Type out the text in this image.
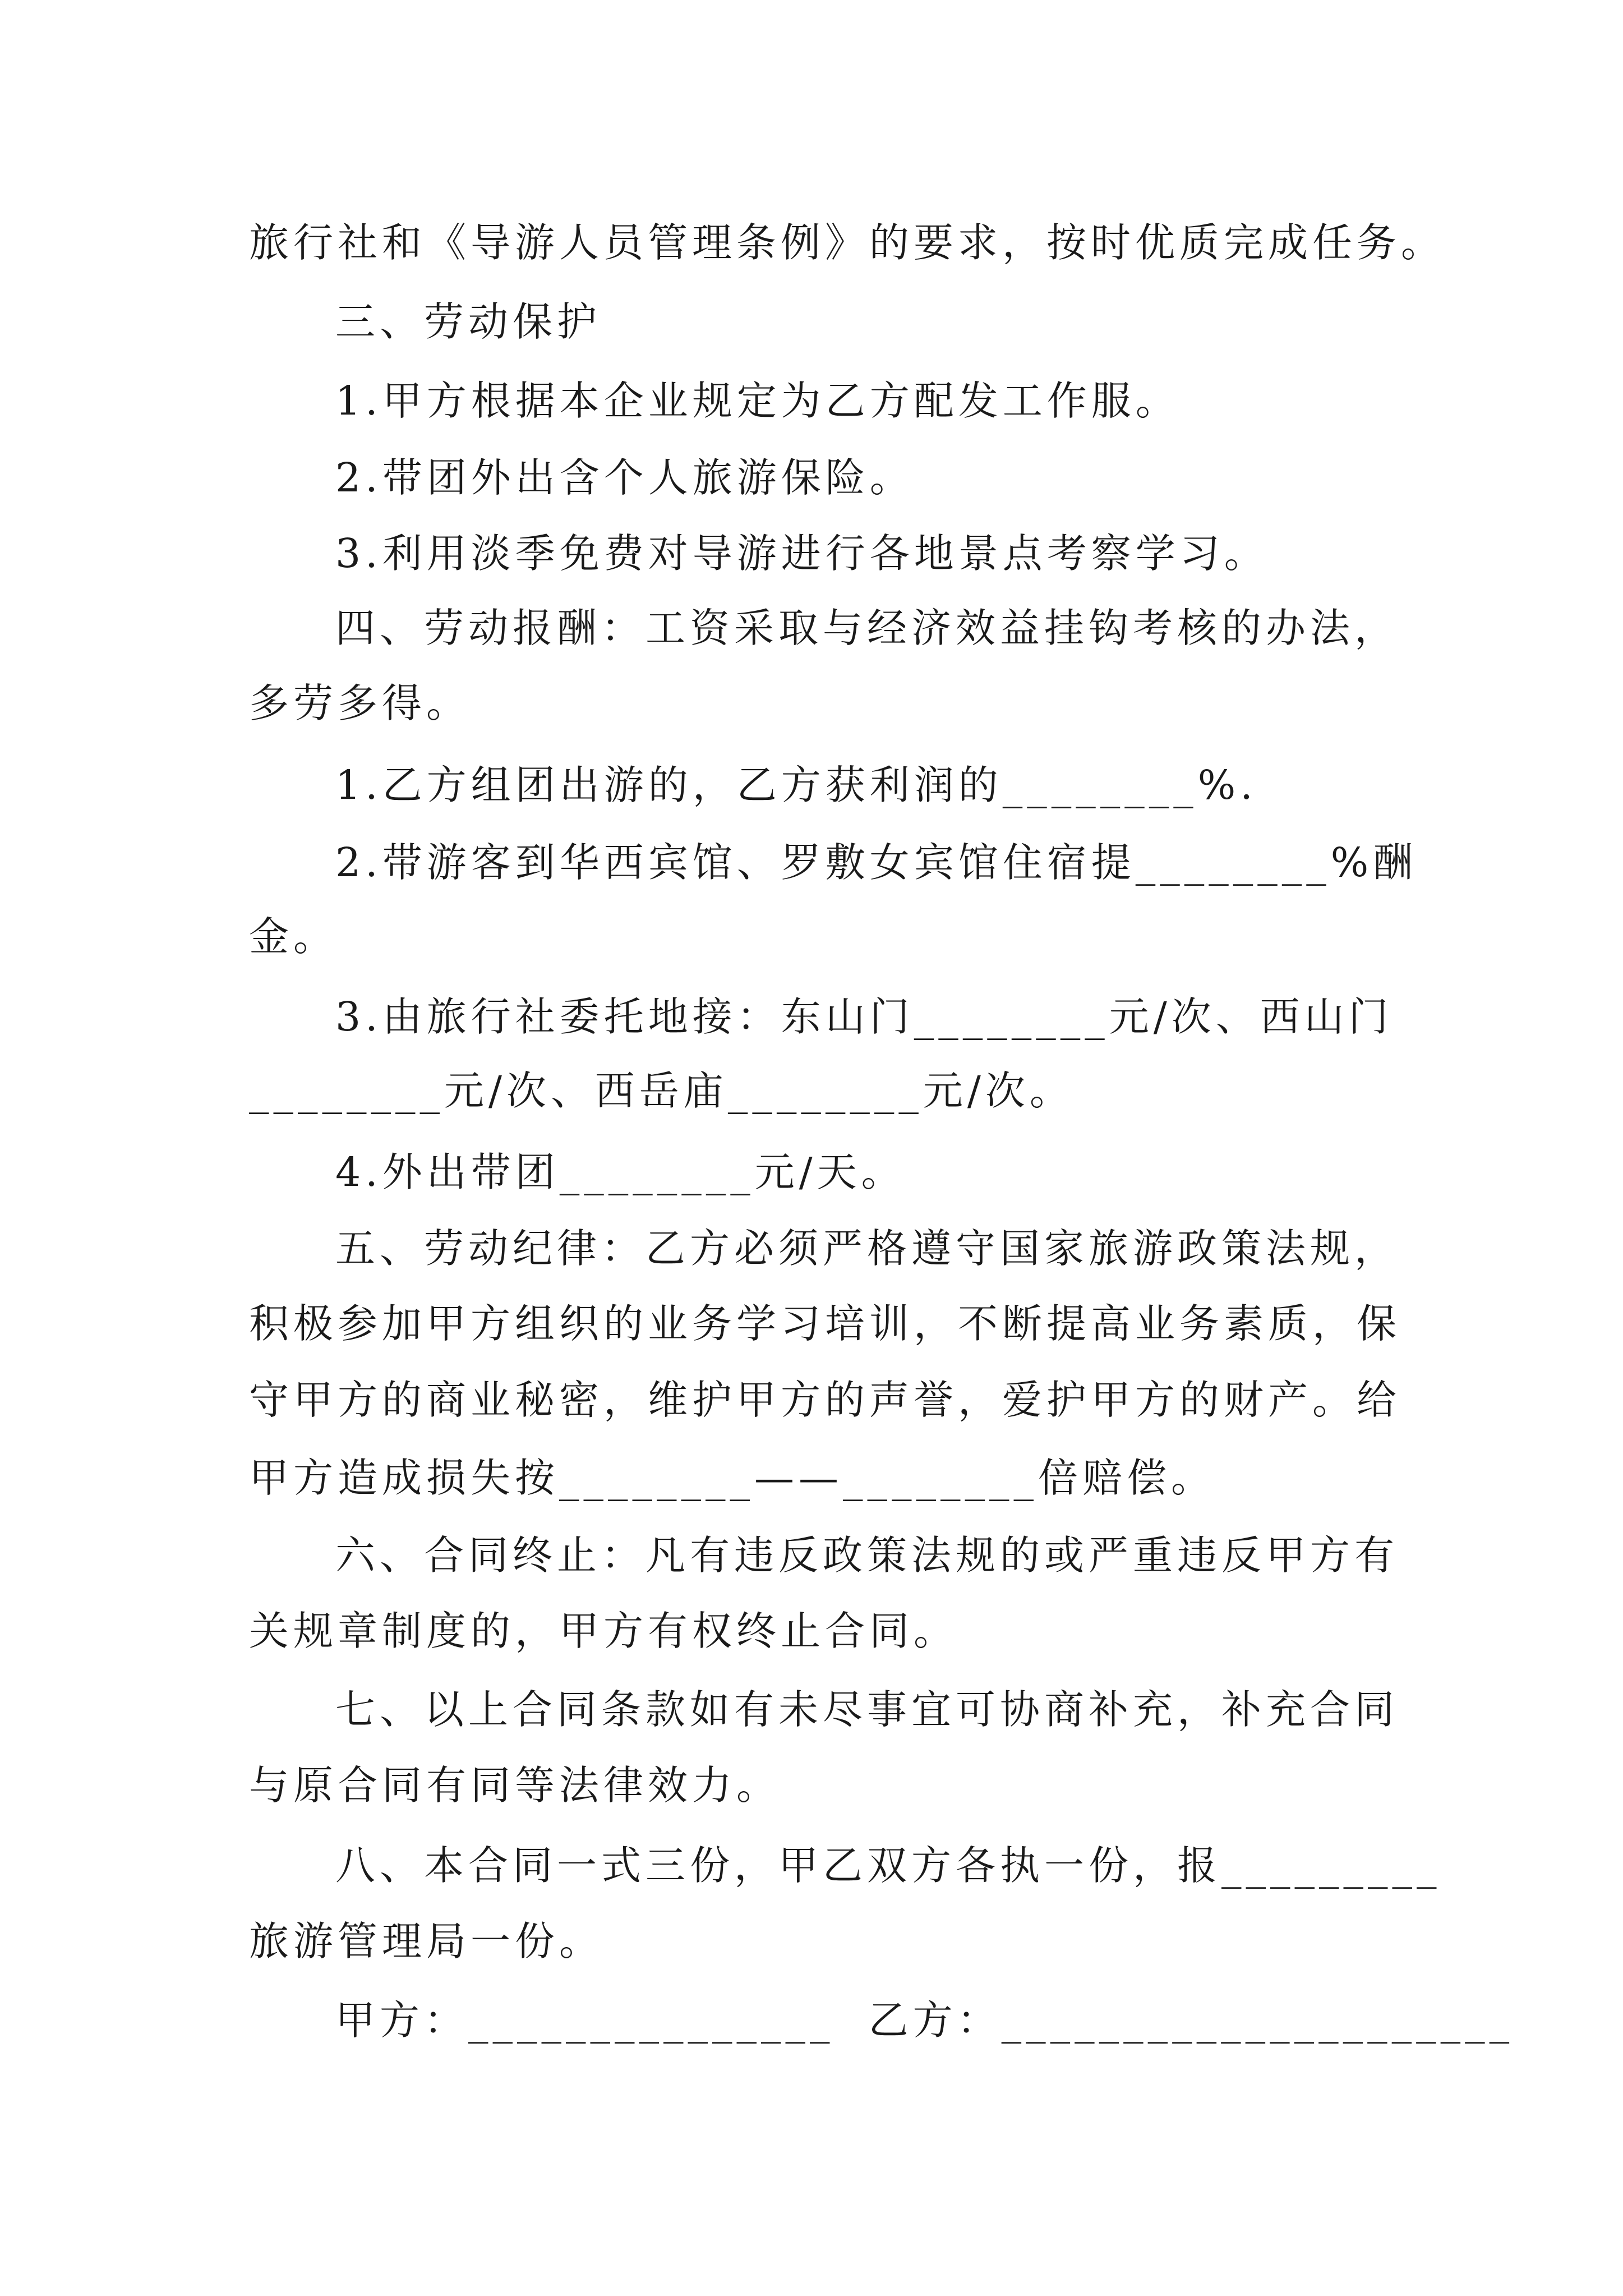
旅行社和《导游人员管理条例》的要求，按时优质完成任务。
三、劳动保护
1.甲方根据本企业规定为乙方配发工作服。
2.带团外出含个人旅游保险。
3.利用淡季免费对导游进行各地景点考察学习。
四、劳动报酬：工资采取与经济效益挂钩考核的办法，
多劳多得。
1.乙方组团出游的，乙方获利润的________%.
2.带游客到华西宾馆、罗敷女宾馆住宿提________%酬
金。
3.由旅行社委托地接：东山门________元/次、西山门
________元/次、西岳庙________元/次。
4.外出带团________元/天。
五、劳动纪律：乙方必须严格遵守国家旅游政策法规，
积极参加甲方组织的业务学习培训，不断提高业务素质，保
守甲方的商业秘密，维护甲方的声誉，爱护甲方的财产。给
甲方造成损失按________——________倍赔偿。
六、合同终止：凡有违反政策法规的或严重违反甲方有
关规章制度的，甲方有权终止合同。
七、以上合同条款如有未尽事宜可协商补充，补充合同
与原合同有同等法律效力。
八、本合同一式三份，甲乙双方各执一份，报_________
旅游管理局一份。
甲方：_______________  乙方：_____________________
